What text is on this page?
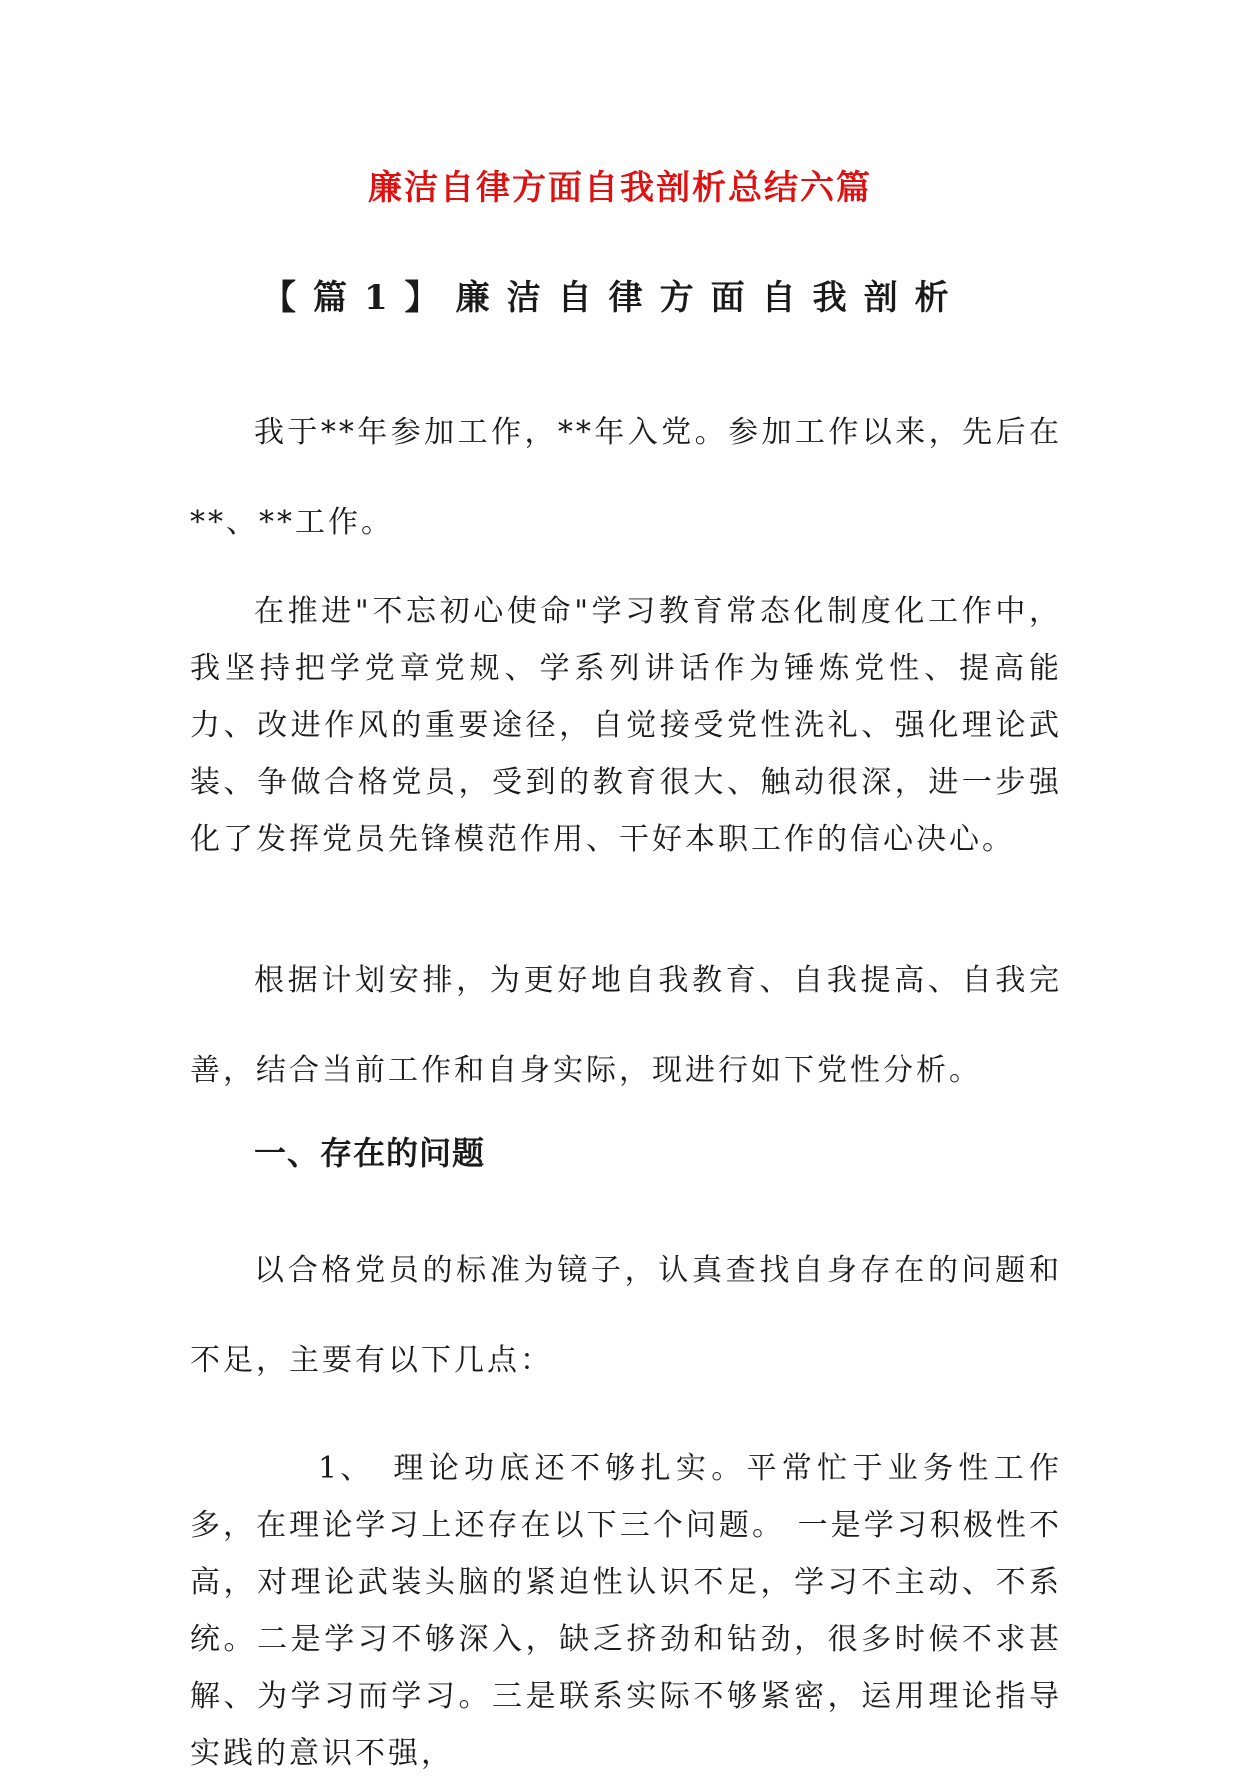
廉洁自律方面自我剖析总结六篇
【篇1】廉洁自律方面自我剖析

我于**年参加工作，**年入党。参加工作以来，先后在**、**工作。

在推进"不忘初心使命"学习教育常态化制度化工作中，我坚持把学党章党规、学系列讲话作为锤炼党性、提高能力、改进作风的重要途径，自觉接受党性洗礼、强化理论武装、争做合格党员，受到的教育很大、触动很深，进一步强化了发挥党员先锋模范作用、干好本职工作的信心决心。

根据计划安排，为更好地自我教育、自我提高、自我完善，结合当前工作和自身实际，现进行如下党性分析。

一、存在的问题

以合格党员的标准为镜子，认真查找自身存在的问题和不足，主要有以下几点：

1、 理论功底还不够扎实。平常忙于业务性工作多，在理论学习上还存在以下三个问题。 一是学习积极性不高，对理论武装头脑的紧迫性认识不足，学习不主动、不系统。二是学习不够深入，缺乏挤劲和钻劲，很多时候不求甚解、为学习而学习。三是联系实际不够紧密，运用理论指导实践的意识不强，
